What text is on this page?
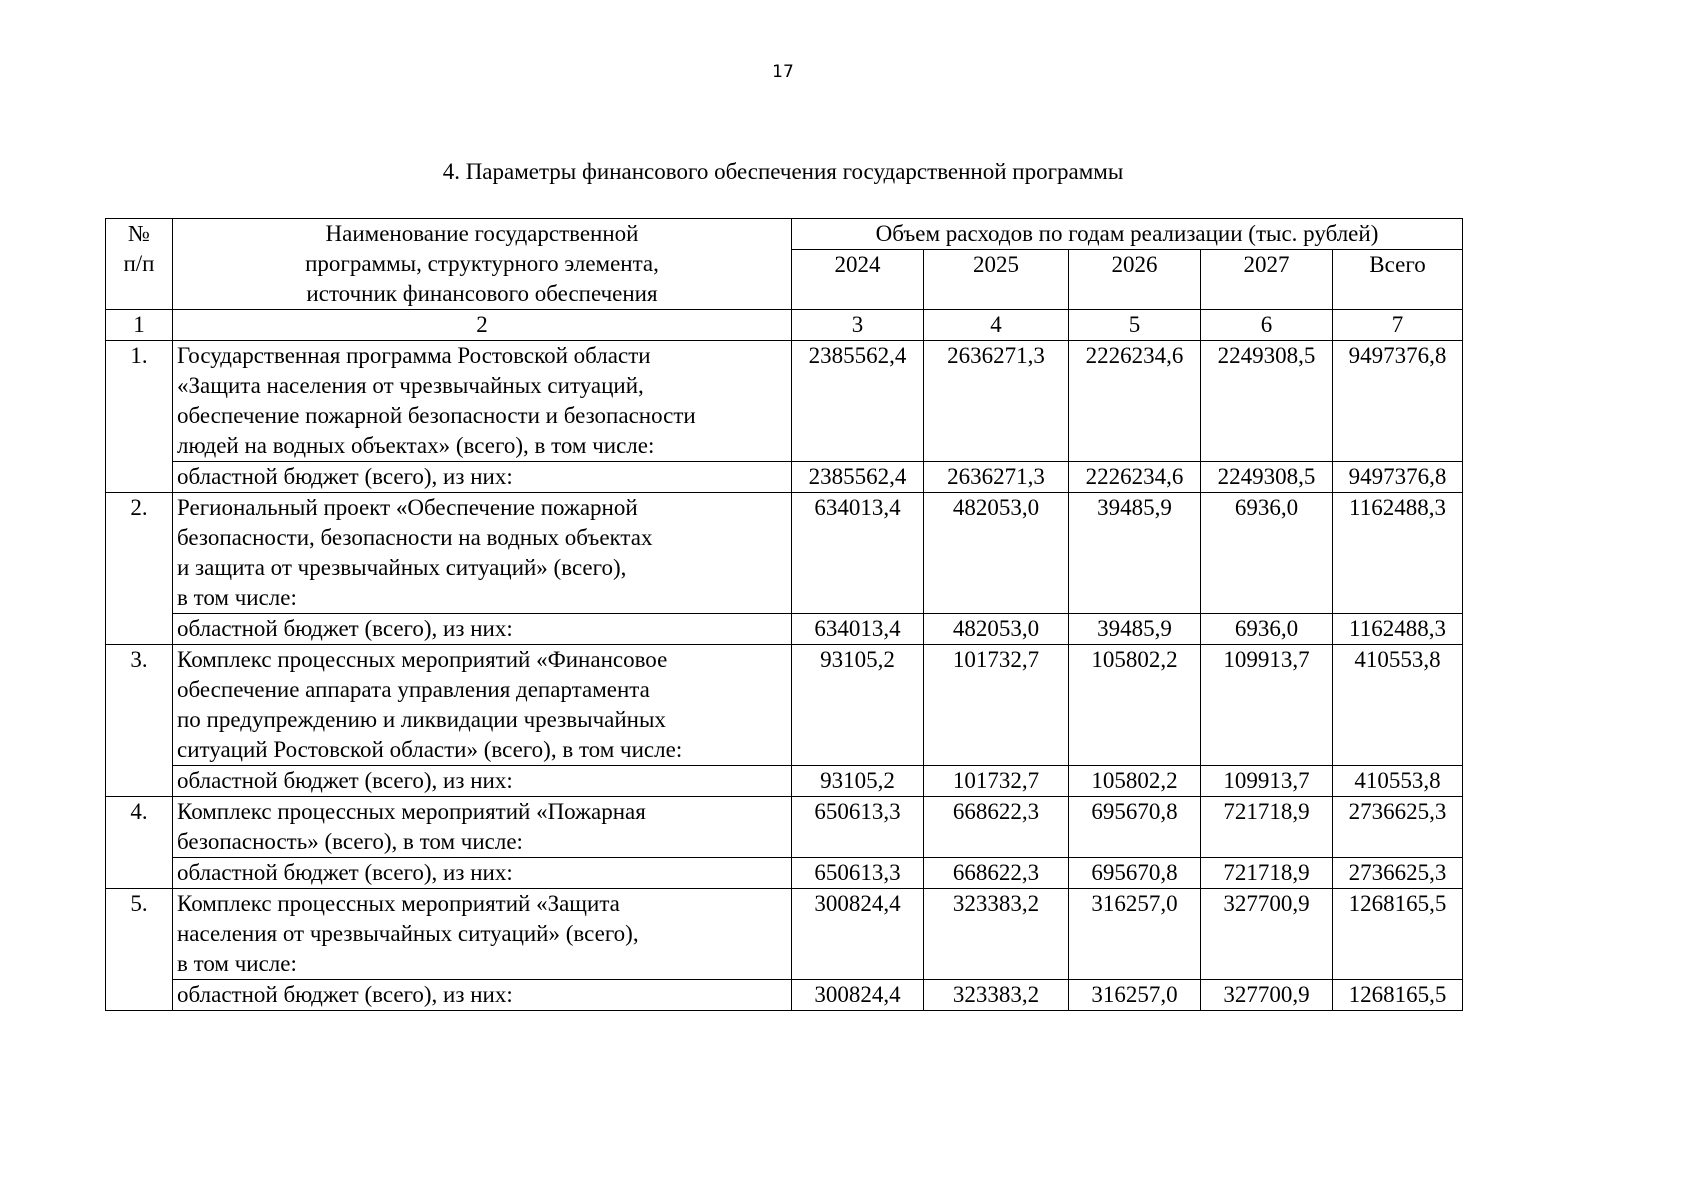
17
4. Параметры финансового обеспечения государственной программы
№
п/п	Наименование государственной
программы, структурного элемента,
источник финансового обеспечения	Объем расходов по годам реализации (тыс. рублей)				
		2024	2025	2026	2027	Всего
1	2	3	4	5	6	7
1.	Государственная программа Ростовской области
«Защита населения от чрезвычайных ситуаций,
обеспечение пожарной безопасности и безопасности
людей на водных объектах» (всего), в том числе:	2385562,4	2636271,3	2226234,6	2249308,5	9497376,8
	областной бюджет (всего), из них:	2385562,4	2636271,3	2226234,6	2249308,5	9497376,8
2.	Региональный проект «Обеспечение пожарной
безопасности, безопасности на водных объектах
и защита от чрезвычайных ситуаций» (всего),
в том числе:	634013,4	482053,0	39485,9	6936,0	1162488,3
	областной бюджет (всего), из них:	634013,4	482053,0	39485,9	6936,0	1162488,3
3.	Комплекс процессных мероприятий «Финансовое
обеспечение аппарата управления департамента
по предупреждению и ликвидации чрезвычайных
ситуаций Ростовской области» (всего), в том числе:	93105,2	101732,7	105802,2	109913,7	410553,8
	областной бюджет (всего), из них:	93105,2	101732,7	105802,2	109913,7	410553,8
4.	Комплекс процессных мероприятий «Пожарная
безопасность» (всего), в том числе:	650613,3	668622,3	695670,8	721718,9	2736625,3
	областной бюджет (всего), из них:	650613,3	668622,3	695670,8	721718,9	2736625,3
5.	Комплекс процессных мероприятий «Защита
населения от чрезвычайных ситуаций» (всего),
в том числе:	300824,4	323383,2	316257,0	327700,9	1268165,5
	областной бюджет (всего), из них:	300824,4	323383,2	316257,0	327700,9	1268165,5
